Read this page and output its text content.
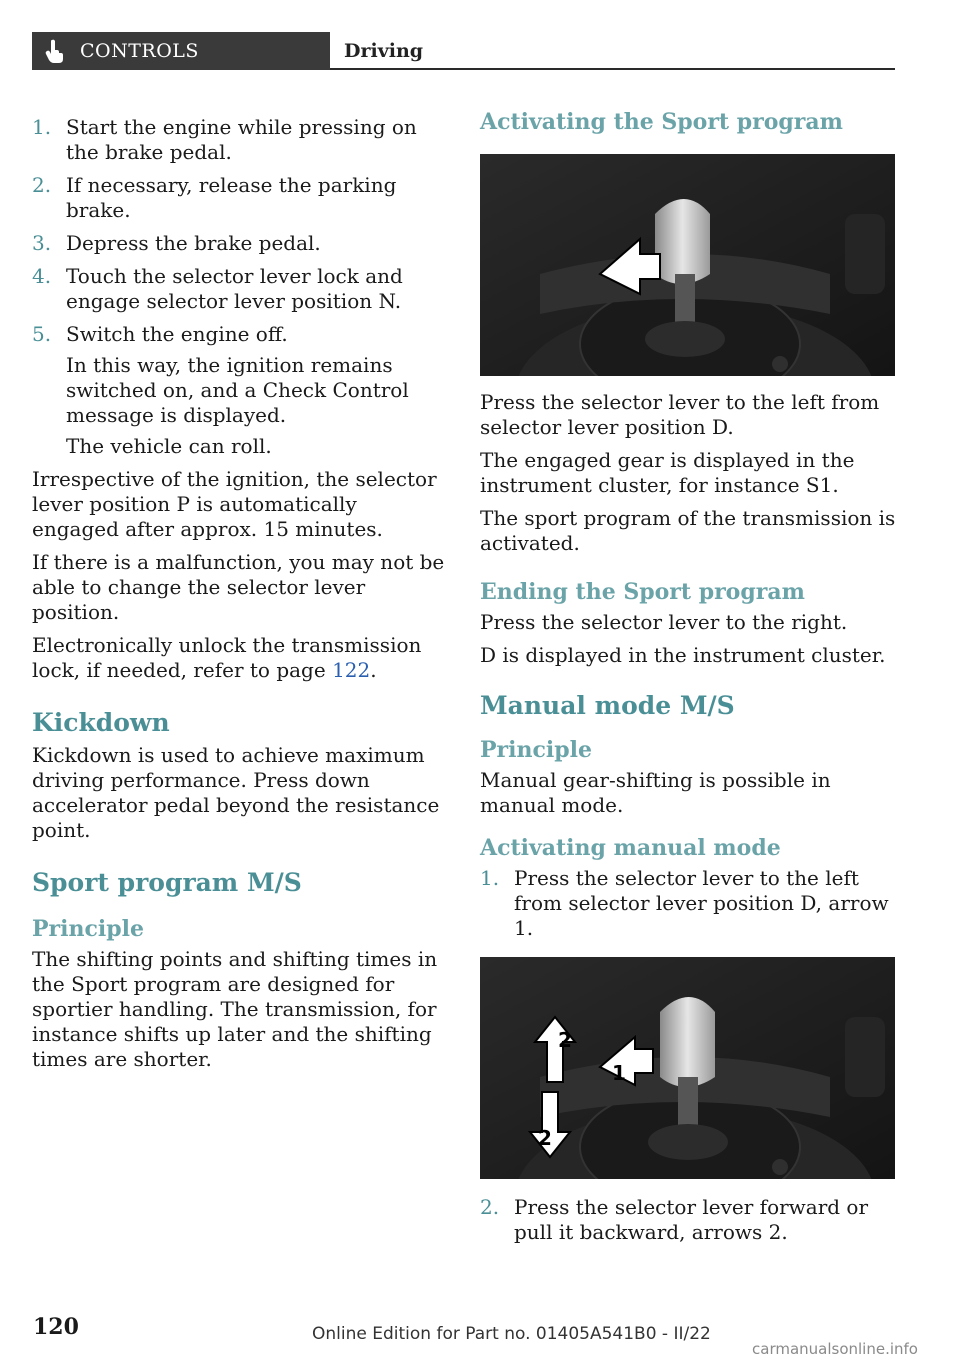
CONTROLS	Driving
1. Start the engine while pressing on the brake pedal.
2. If necessary, release the parking brake.
3. Depress the brake pedal.
4. Touch the selector lever lock and engage selector lever position N.
5. Switch the engine off.

In this way, the ignition remains switched on, and a Check Control message is displayed.

The vehicle can roll.

Irrespective of the ignition, the selector lever position P is automatically engaged after approx. 15 minutes.

If there is a malfunction, you may not be able to change the selector lever position.

Electronically unlock the transmission lock, if needed, refer to page 122.

Kickdown

Kickdown is used to achieve maximum driving performance. Press down accelerator pedal beyond the resistance point.

Sport program M/S
Principle

The shifting points and shifting times in the Sport program are designed for sportier handling. The transmission, for instance shifts up later and the shifting times are shorter.

Activating the Sport program

Press the selector lever to the left from selector lever position D.

The engaged gear is displayed in the instrument cluster, for instance S1.

The sport program of the transmission is activated.

Ending the Sport program

Press the selector lever to the right.

D is displayed in the instrument cluster.

Manual mode M/S
Principle

Manual gear-shifting is possible in manual mode.

Activating manual mode
1. Press the selector lever to the left from selector lever position D, arrow 1.
1
2
2
2. Press the selector lever forward or pull it backward, arrows 2.
120	Online Edition for Part no. 01405A541B0 - II/22
carmanualsonline.info
